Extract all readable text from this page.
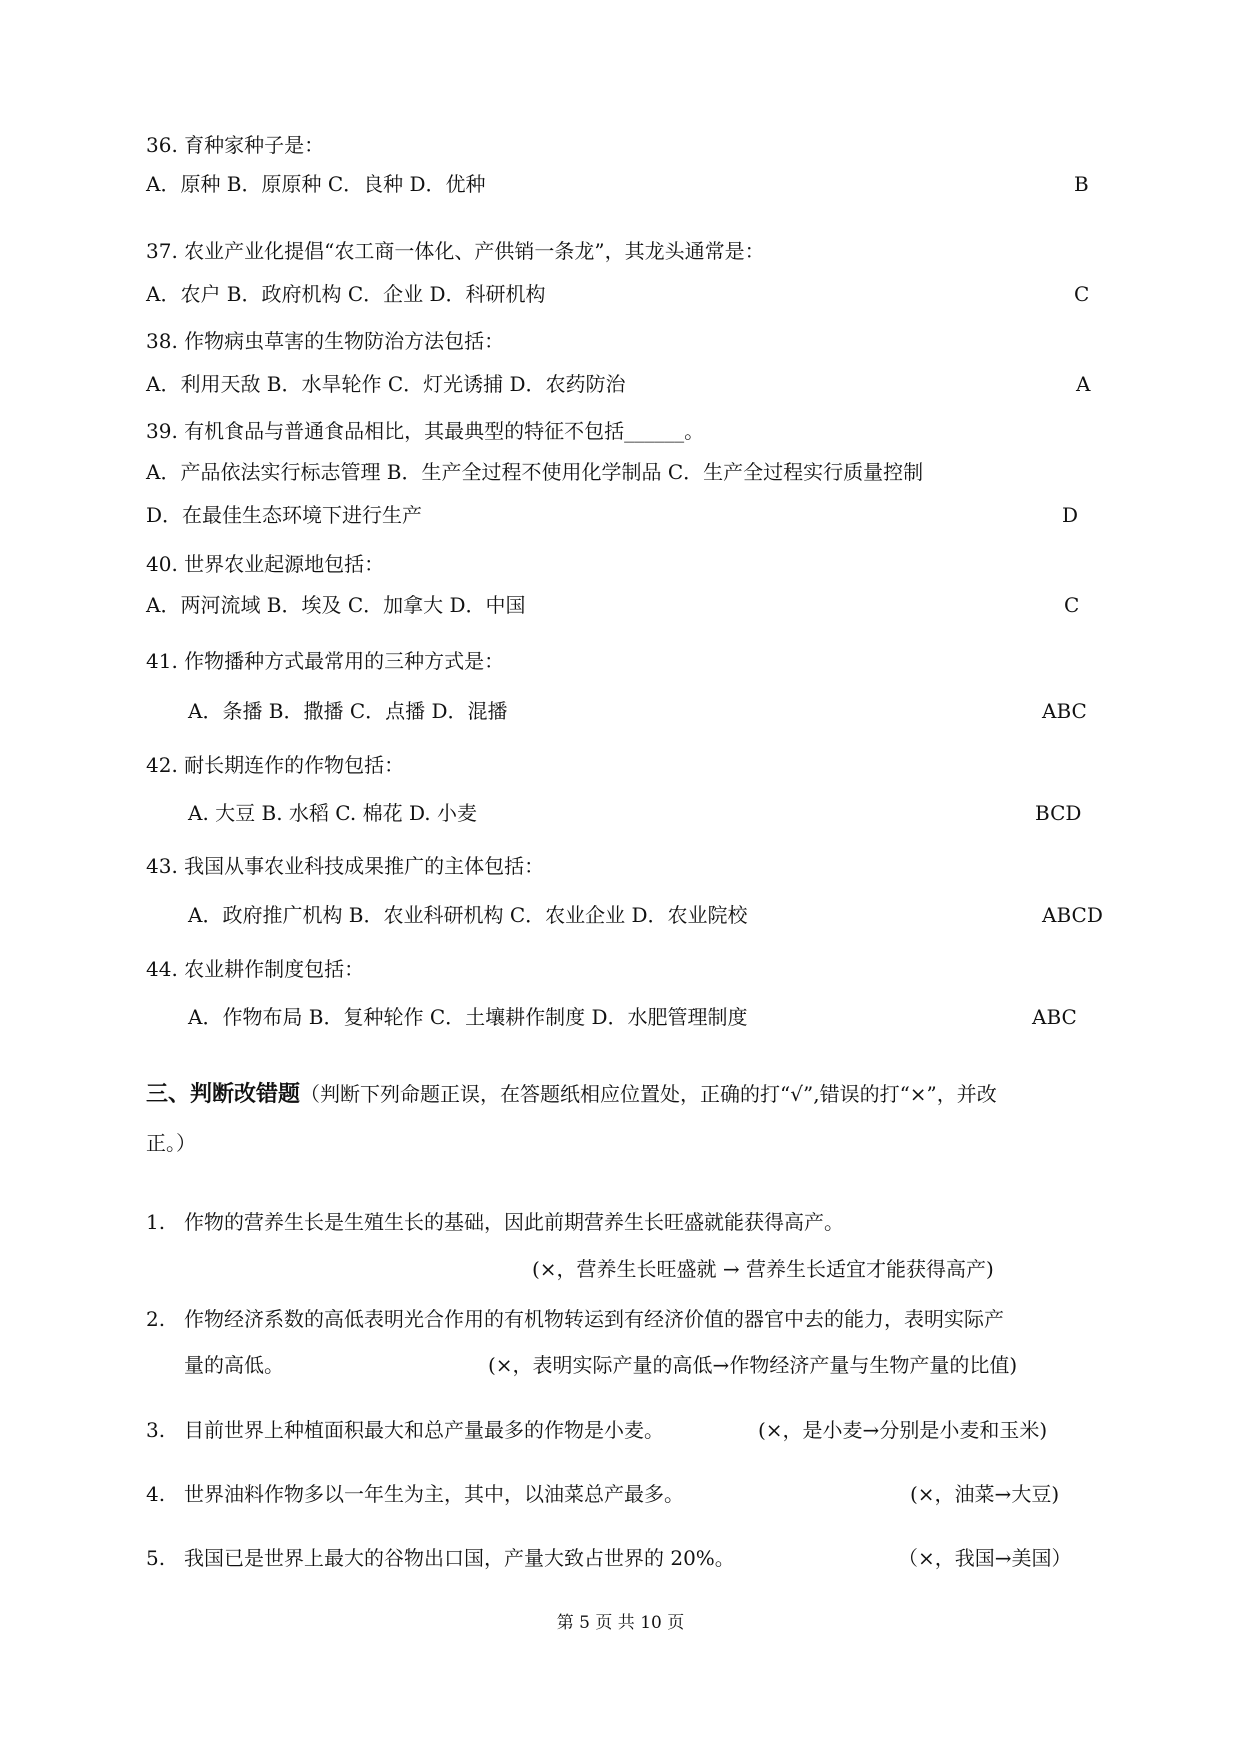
36. 育种家种子是：
A．原种 B．原原种 C．良种 D．优种	B
37. 农业产业化提倡“农工商一体化、产供销一条龙”，其龙头通常是：
A．农户 B．政府机构 C．企业 D．科研机构	C
38. 作物病虫草害的生物防治方法包括：
A．利用天敌 B．水旱轮作 C．灯光诱捕 D．农药防治	A
39. 有机食品与普通食品相比，其最典型的特征不包括______。
A．产品依法实行标志管理 B．生产全过程不使用化学制品 C．生产全过程实行质量控制
D．在最佳生态环境下进行生产	D
40. 世界农业起源地包括：
A．两河流域 B．埃及 C．加拿大 D．中国	C
41. 作物播种方式最常用的三种方式是：
A．条播 B．撒播 C．点播 D．混播	ABC
42. 耐长期连作的作物包括：
A. 大豆 B. 水稻 C. 棉花 D. 小麦	BCD
43. 我国从事农业科技成果推广的主体包括：
A．政府推广机构 B．农业科研机构 C．农业企业 D．农业院校	ABCD
44. 农业耕作制度包括：
A．作物布局 B．复种轮作 C．土壤耕作制度 D．水肥管理制度	ABC
三、判断改错题（判断下列命题正误，在答题纸相应位置处，正确的打“√”,错误的打“×”，并改
正。）
1. 作物的营养生长是生殖生长的基础，因此前期营养生长旺盛就能获得高产。
(×，营养生长旺盛就 → 营养生长适宜才能获得高产)
2. 作物经济系数的高低表明光合作用的有机物转运到有经济价值的器官中去的能力，表明实际产
量的高低。	(×，表明实际产量的高低→作物经济产量与生物产量的比值)
3. 目前世界上种植面积最大和总产量最多的作物是小麦。	(×，是小麦→分别是小麦和玉米)
4. 世界油料作物多以一年生为主，其中，以油菜总产最多。	(×，油菜→大豆)
5. 我国已是世界上最大的谷物出口国，产量大致占世界的 20%。	（×，我国→美国）
第 5 页 共 10 页
